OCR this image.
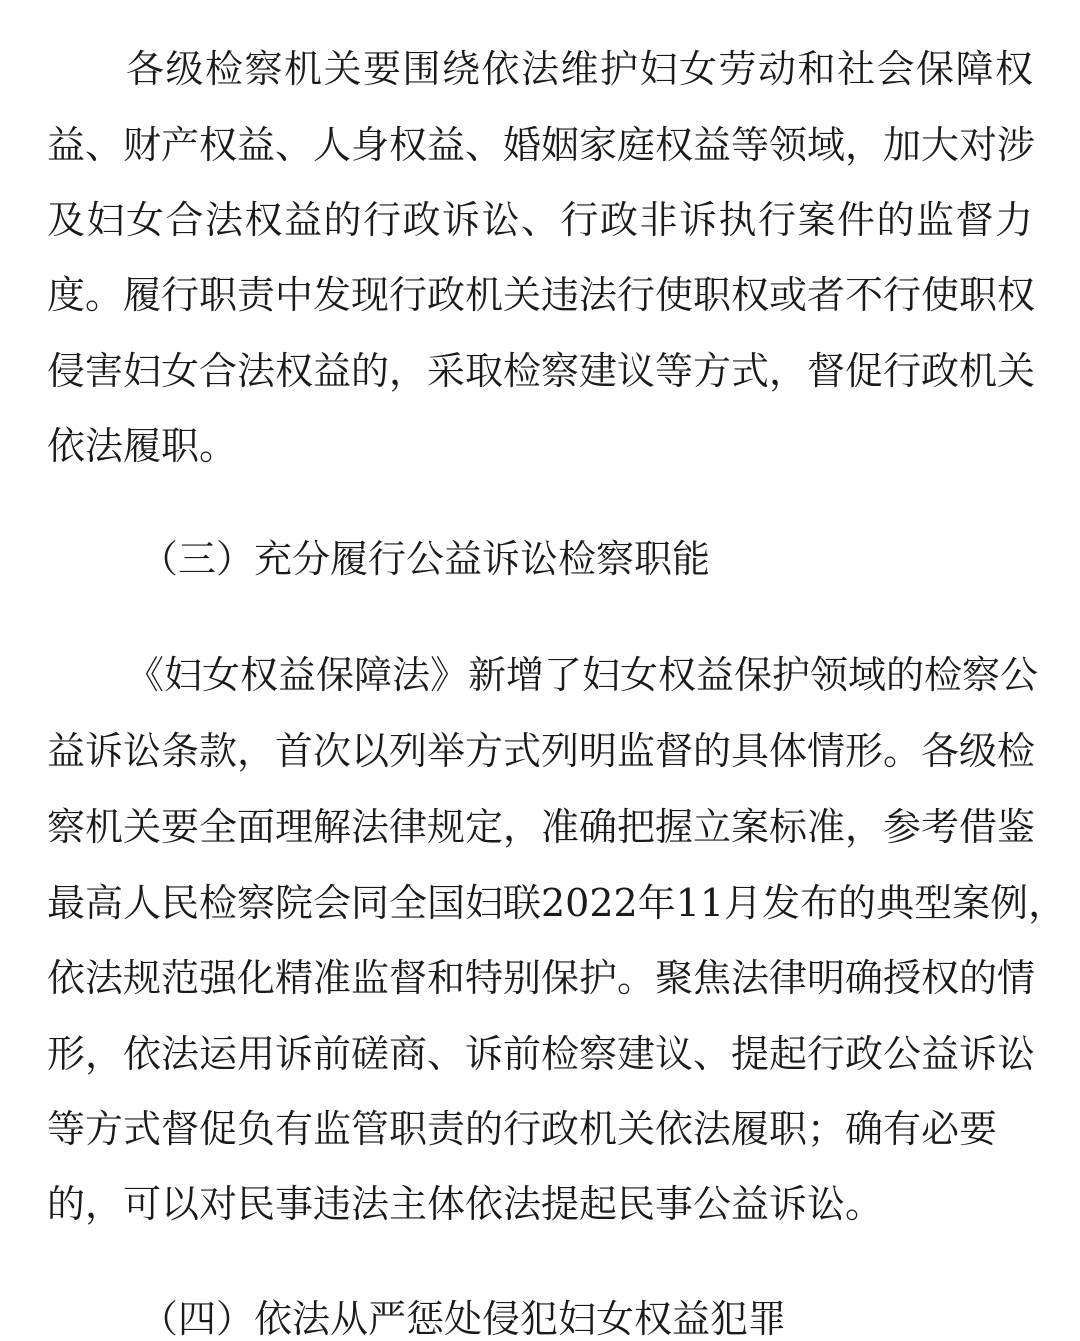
各级检察机关要围绕依法维护妇女劳动和社会保障权
益、财产权益、人身权益、婚姻家庭权益等领域，加大对涉
及妇女合法权益的行政诉讼、行政非诉执行案件的监督力
度。履行职责中发现行政机关违法行使职权或者不行使职权
侵害妇女合法权益的，采取检察建议等方式，督促行政机关
依法履职。
（三）充分履行公益诉讼检察职能
《妇女权益保障法》新增了妇女权益保护领域的检察公
益诉讼条款，首次以列举方式列明监督的具体情形。各级检
察机关要全面理解法律规定，准确把握立案标准，参考借鉴
最高人民检察院会同全国妇联2022年11月发布的典型案例，
依法规范强化精准监督和特别保护。聚焦法律明确授权的情
形，依法运用诉前磋商、诉前检察建议、提起行政公益诉讼
等方式督促负有监管职责的行政机关依法履职；确有必要
的，可以对民事违法主体依法提起民事公益诉讼。
（四）依法从严惩处侵犯妇女权益犯罪
